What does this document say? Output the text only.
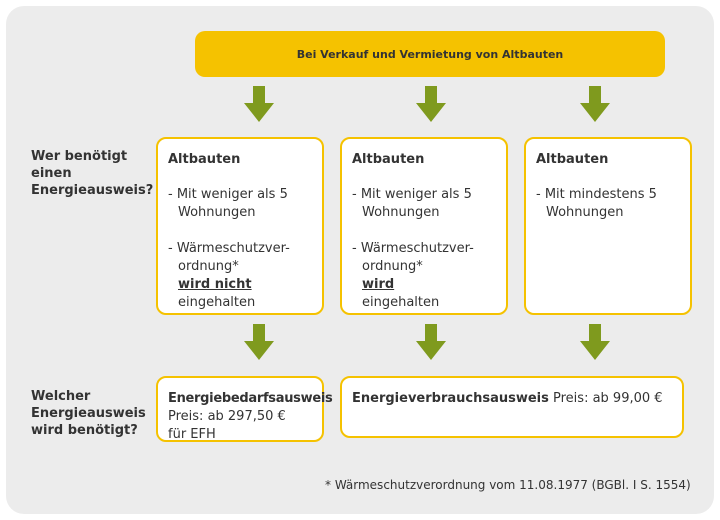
Bei Verkauf und Vermietung von Altbauten
Wer benötigt
einen
Energieausweis?
Altbauten
- Mit weniger als 5
Wohnungen
- Wärmeschutzver-
ordnung*
wird nicht
eingehalten
Altbauten
- Mit weniger als 5
Wohnungen
- Wärmeschutzver-
ordnung*
wird
eingehalten
Altbauten
- Mit mindestens 5
Wohnungen
Welcher
Energieausweis
wird benötigt?
Energiebedarfsausweis
Preis: ab 297,50 €
für EFH
Energieverbrauchsausweis Preis: ab 99,00 €
* Wärmeschutzverordnung vom 11.08.1977 (BGBl. I S. 1554)
